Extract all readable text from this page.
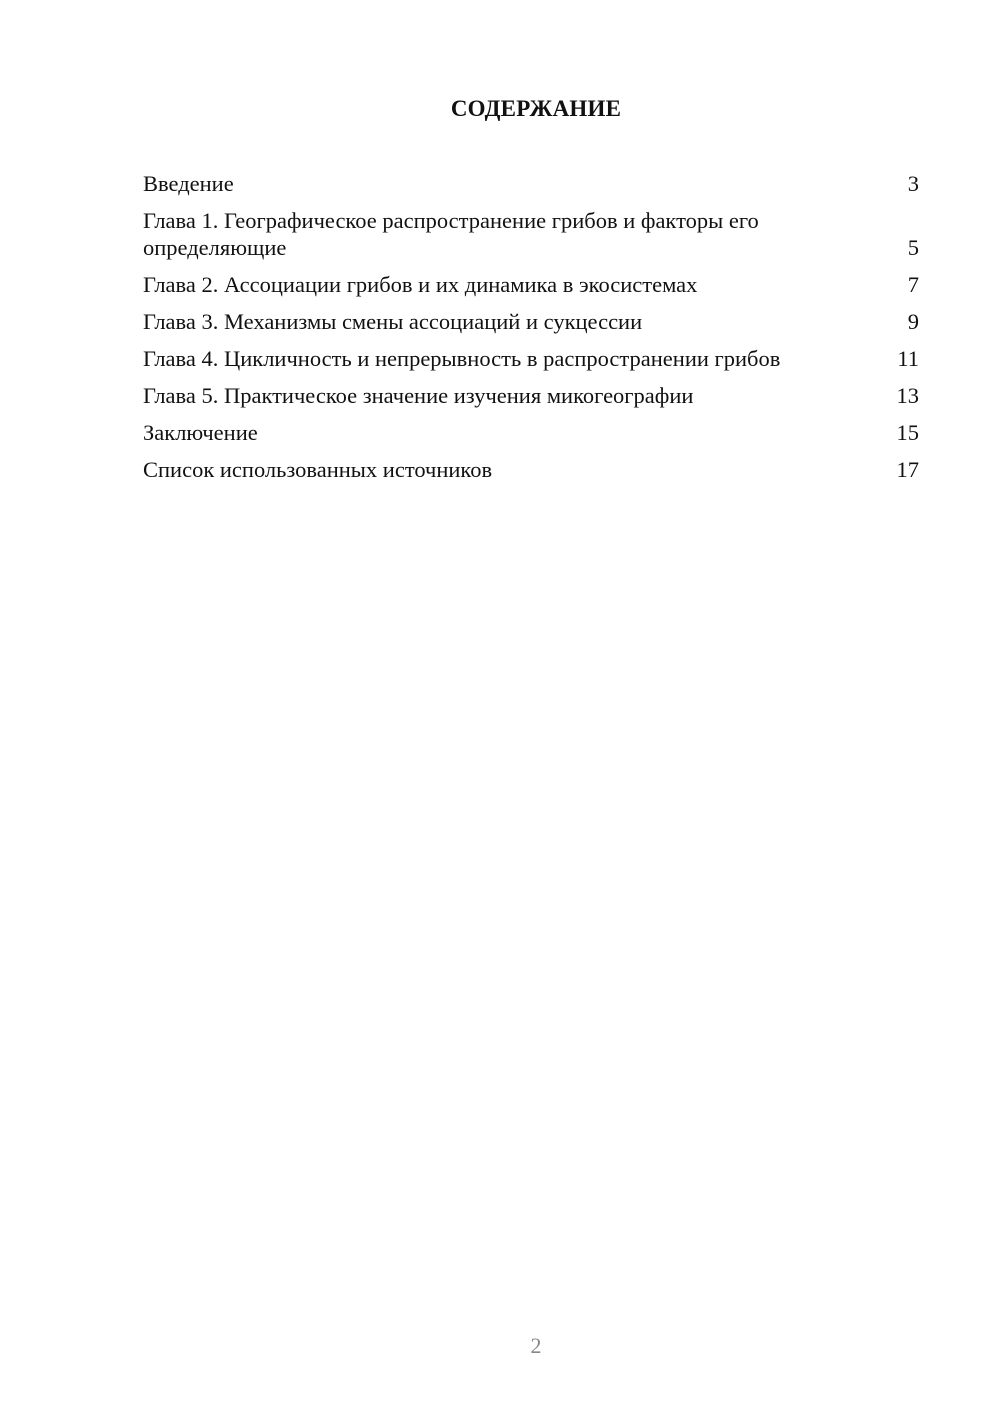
СОДЕРЖАНИЕ
Введение	3
Глава 1. Географическое распространение грибов и факторы его определяющие	5
Глава 2. Ассоциации грибов и их динамика в экосистемах	7
Глава 3. Механизмы смены ассоциаций и сукцессии	9
Глава 4. Цикличность и непрерывность в распространении грибов	11
Глава 5. Практическое значение изучения микогеографии	13
Заключение	15
Список использованных источников	17
2
